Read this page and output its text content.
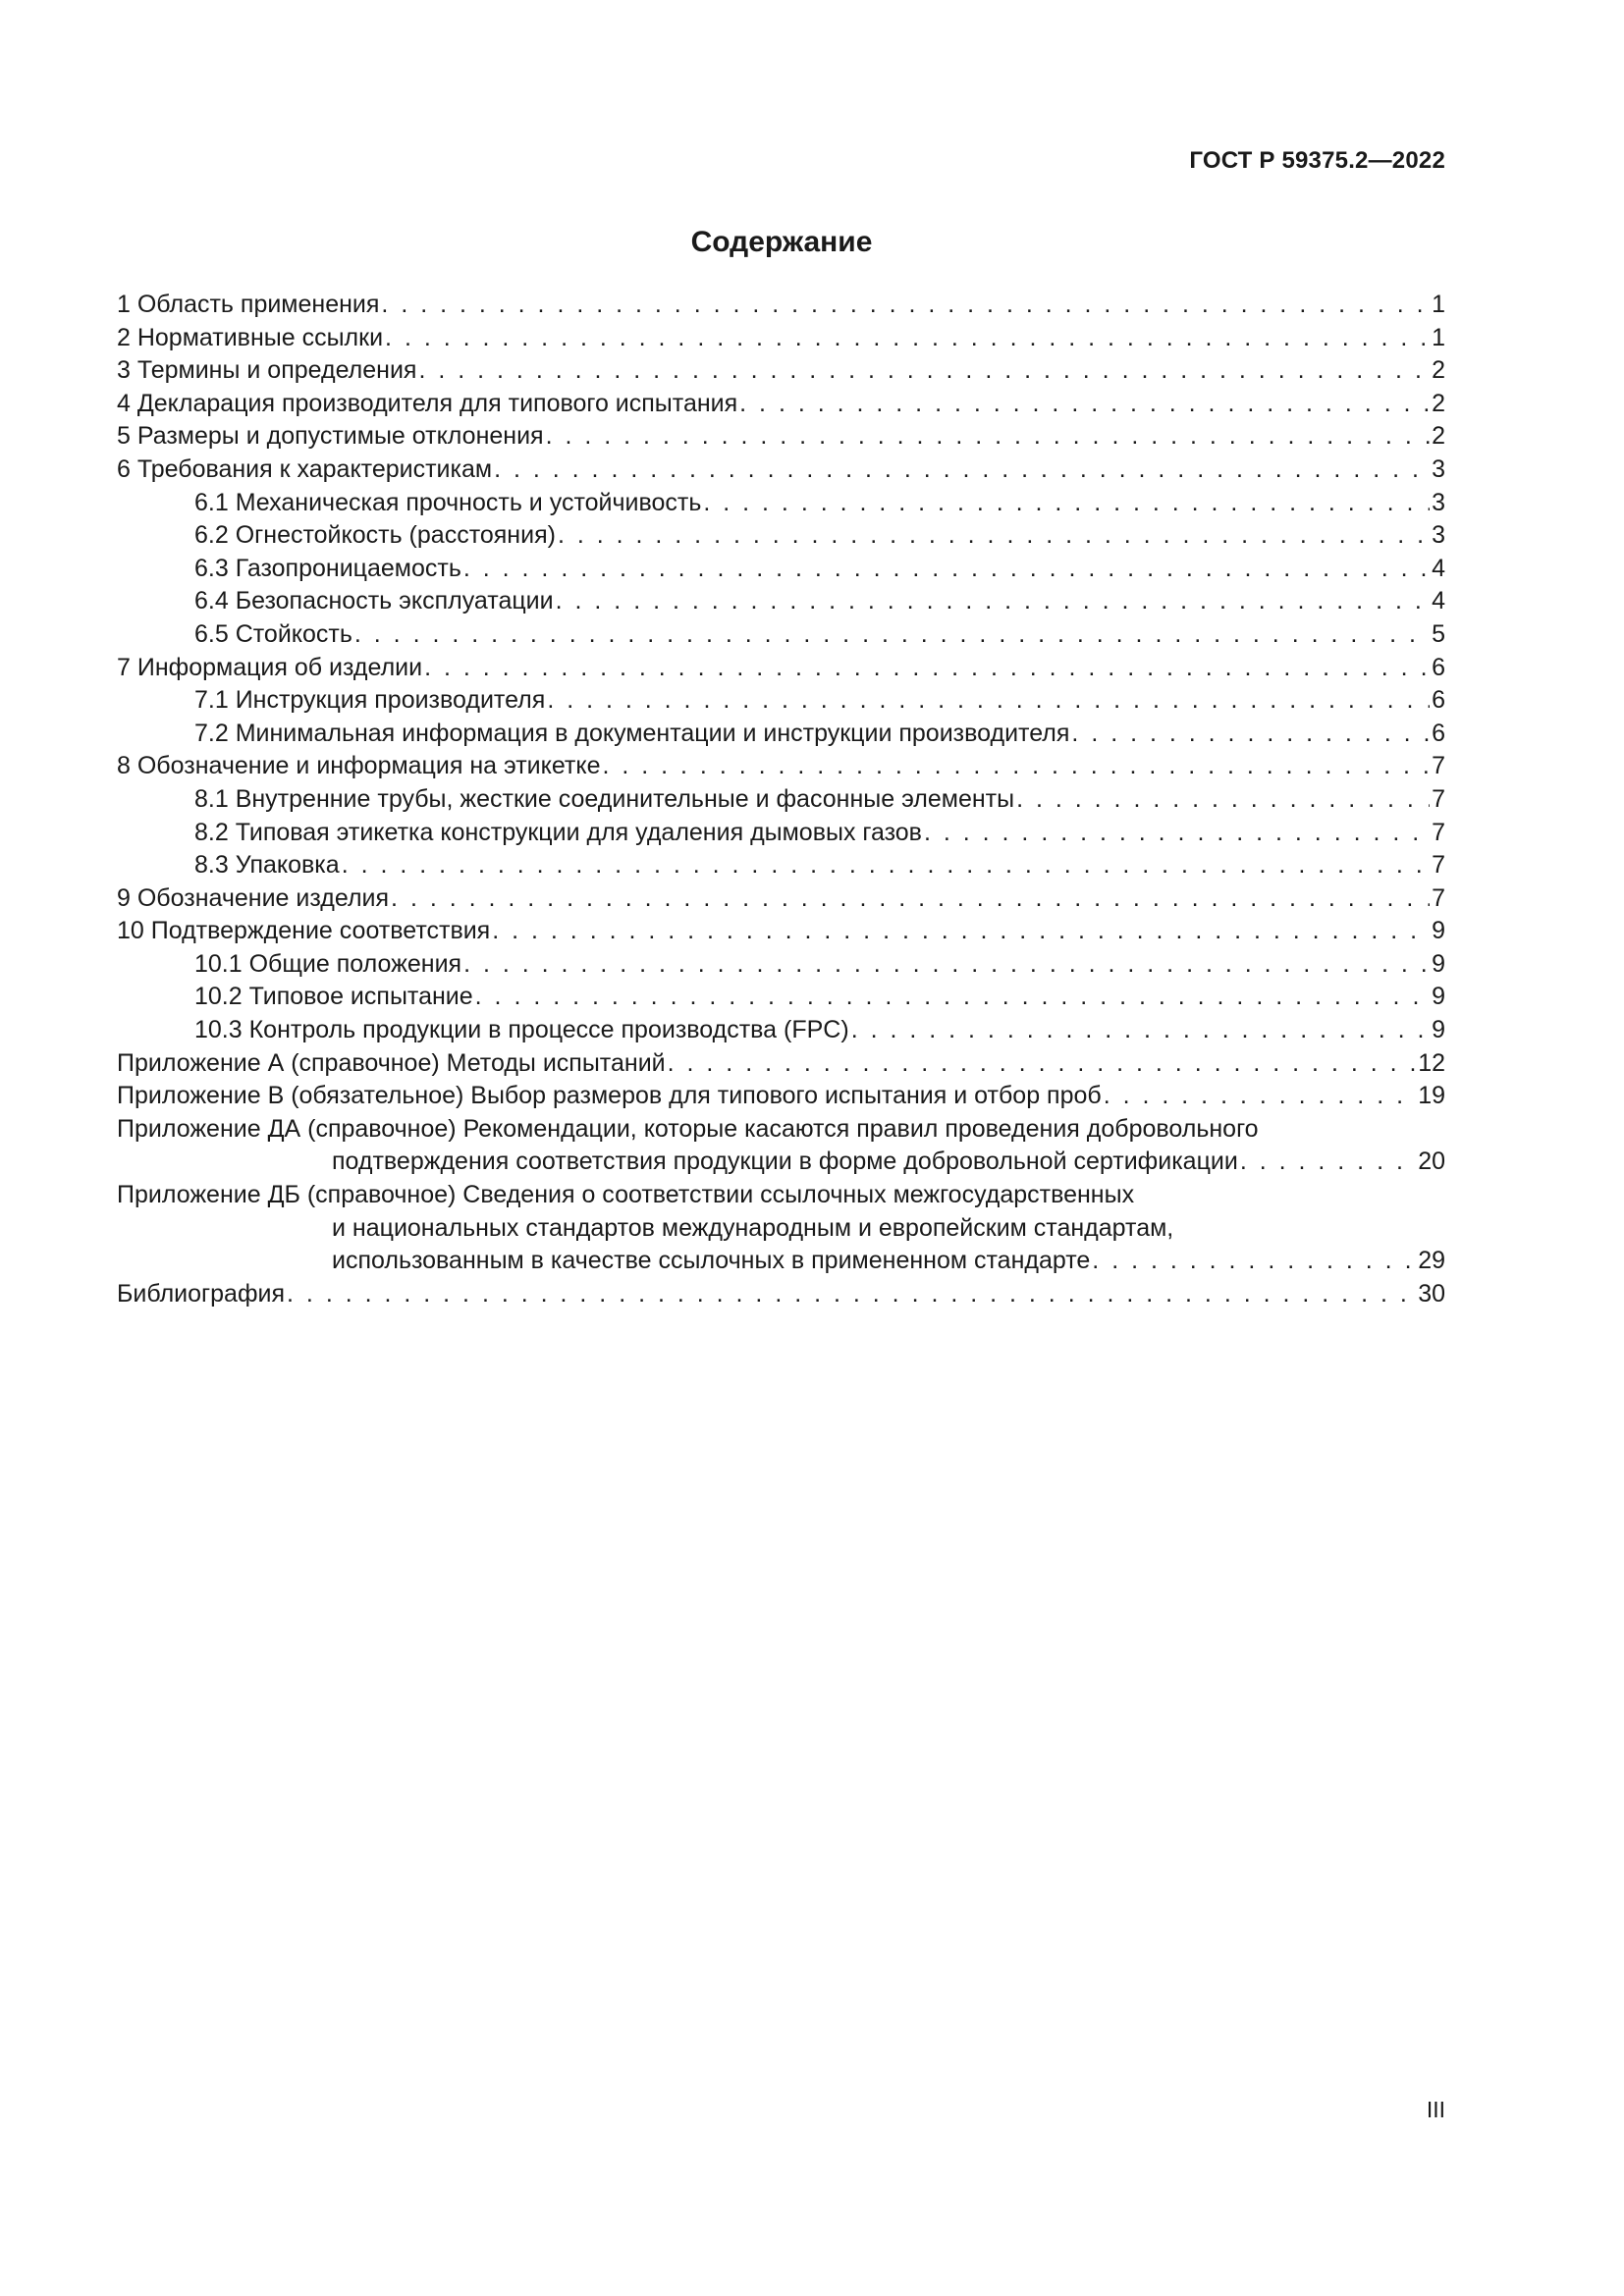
ГОСТ Р 59375.2—2022
Содержание
1 Область применения . . .	1
2 Нормативные ссылки . . .	1
3 Термины и определения . . .	2
4 Декларация производителя для типового испытания . . .	2
5 Размеры и допустимые отклонения . . .	2
6 Требования к характеристикам . . .	3
6.1 Механическая прочность и устойчивость . . .	3
6.2 Огнестойкость (расстояния) . . .	3
6.3 Газопроницаемость . . .	4
6.4 Безопасность эксплуатации . . .	4
6.5 Стойкость . . .	5
7 Информация об изделии . . .	6
7.1 Инструкция производителя . . .	6
7.2 Минимальная информация в документации и инструкции производителя . . .	6
8 Обозначение и информация на этикетке . . .	7
8.1 Внутренние трубы, жесткие соединительные и фасонные элементы . . .	7
8.2 Типовая этикетка конструкции для удаления дымовых газов . . .	7
8.3 Упаковка . . .	7
9 Обозначение изделия . . .	7
10 Подтверждение соответствия . . .	9
10.1 Общие положения . . .	9
10.2 Типовое испытание . . .	9
10.3 Контроль продукции в процессе производства (FPC) . . .	9
Приложение А (справочное) Методы испытаний . . .	12
Приложение В (обязательное) Выбор размеров для типового испытания и отбор проб . . .	19
Приложение ДА (справочное) Рекомендации, которые касаются правил проведения добровольного
подтверждения соответствия продукции в форме добровольной сертификации . . .	20
Приложение ДБ (справочное) Сведения о соответствии ссылочных межгосударственных
и национальных стандартов международным и европейским стандартам,
использованным в качестве ссылочных в примененном стандарте . . .	29
Библиография . . .	30
III
